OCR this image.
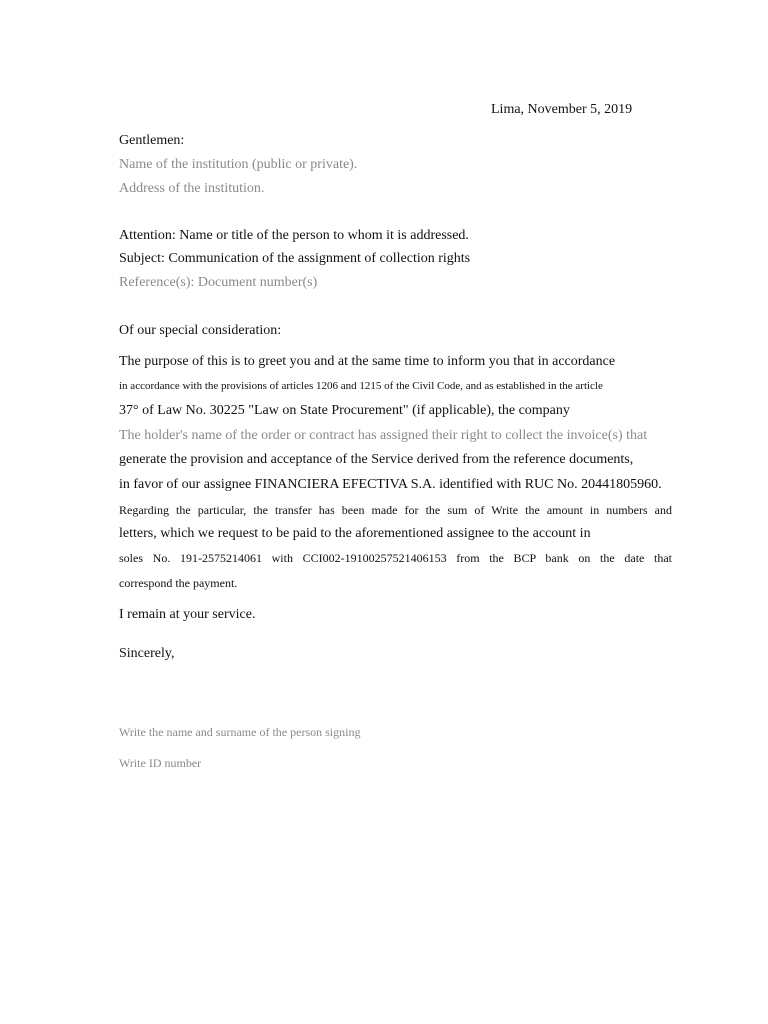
Lima, November 5, 2019
Gentlemen:
Name of the institution (public or private).
Address of the institution.
Attention: Name or title of the person to whom it is addressed.
Subject: Communication of the assignment of collection rights
Reference(s): Document number(s)
Of our special consideration:
The purpose of this is to greet you and at the same time to inform you that in accordance
in accordance with the provisions of articles 1206 and 1215 of the Civil Code, and as established in the article
37° of Law No. 30225 "Law on State Procurement" (if applicable), the company
The holder's name of the order or contract has assigned their right to collect the invoice(s) that
generate the provision and acceptance of the Service derived from the reference documents,
in favor of our assignee FINANCIERA EFECTIVA S.A. identified with RUC No. 20441805960.
Regarding the particular, the transfer has been made for the sum of Write the amount in numbers and
letters, which we request to be paid to the aforementioned assignee to the account in
soles No. 191-2575214061 with CCI002-19100257521406153 from the BCP bank on the date that
correspond the payment.
I remain at your service.
Sincerely,
Write the name and surname of the person signing
Write ID number
